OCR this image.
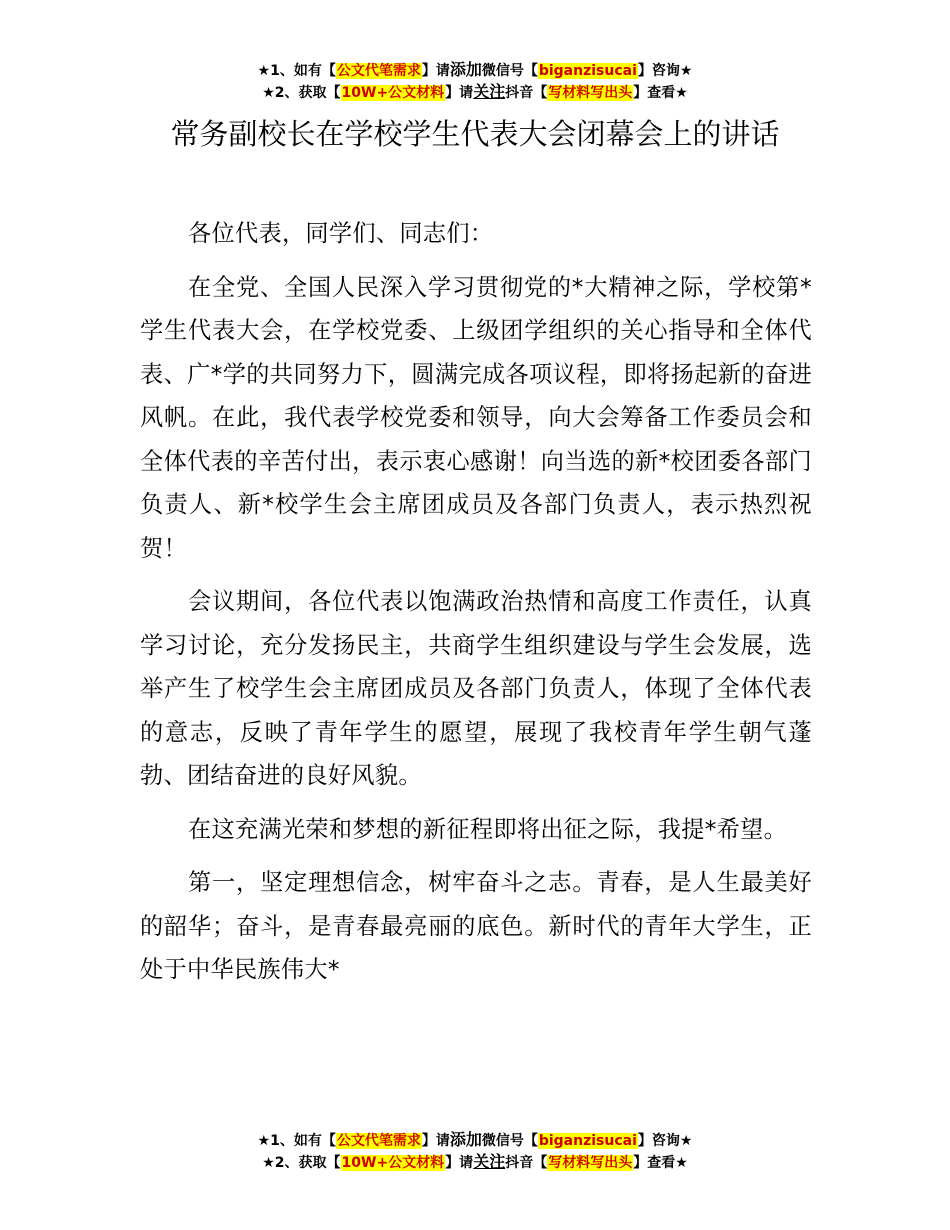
★1、如有【公文代笔需求】请添加微信号【biganzisucai】咨询★
★2、获取【10W+公文材料】请关注抖音【写材料写出头】查看★
常务副校长在学校学生代表大会闭幕会上的讲话

各位代表，同学们、同志们：

在全党、全国人民深入学习贯彻党的*大精神之际，学校第*学生代表大会，在学校党委、上级团学组织的关心指导和全体代表、广*学的共同努力下，圆满完成各项议程，即将扬起新的奋进风帆。在此，我代表学校党委和领导，向大会筹备工作委员会和全体代表的辛苦付出，表示衷心感谢！向当选的新*校团委各部门负责人、新*校学生会主席团成员及各部门负责人，表示热烈祝贺！

会议期间，各位代表以饱满政治热情和高度工作责任，认真学习讨论，充分发扬民主，共商学生组织建设与学生会发展，选举产生了校学生会主席团成员及各部门负责人，体现了全体代表的意志，反映了青年学生的愿望，展现了我校青年学生朝气蓬勃、团结奋进的良好风貌。

在这充满光荣和梦想的新征程即将出征之际，我提*希望。

第一，坚定理想信念，树牢奋斗之志。青春，是人生最美好的韶华；奋斗，是青春最亮丽的底色。新时代的青年大学生，正处于中华民族伟大*

★1、如有【公文代笔需求】请添加微信号【biganzisucai】咨询★
★2、获取【10W+公文材料】请关注抖音【写材料写出头】查看★
